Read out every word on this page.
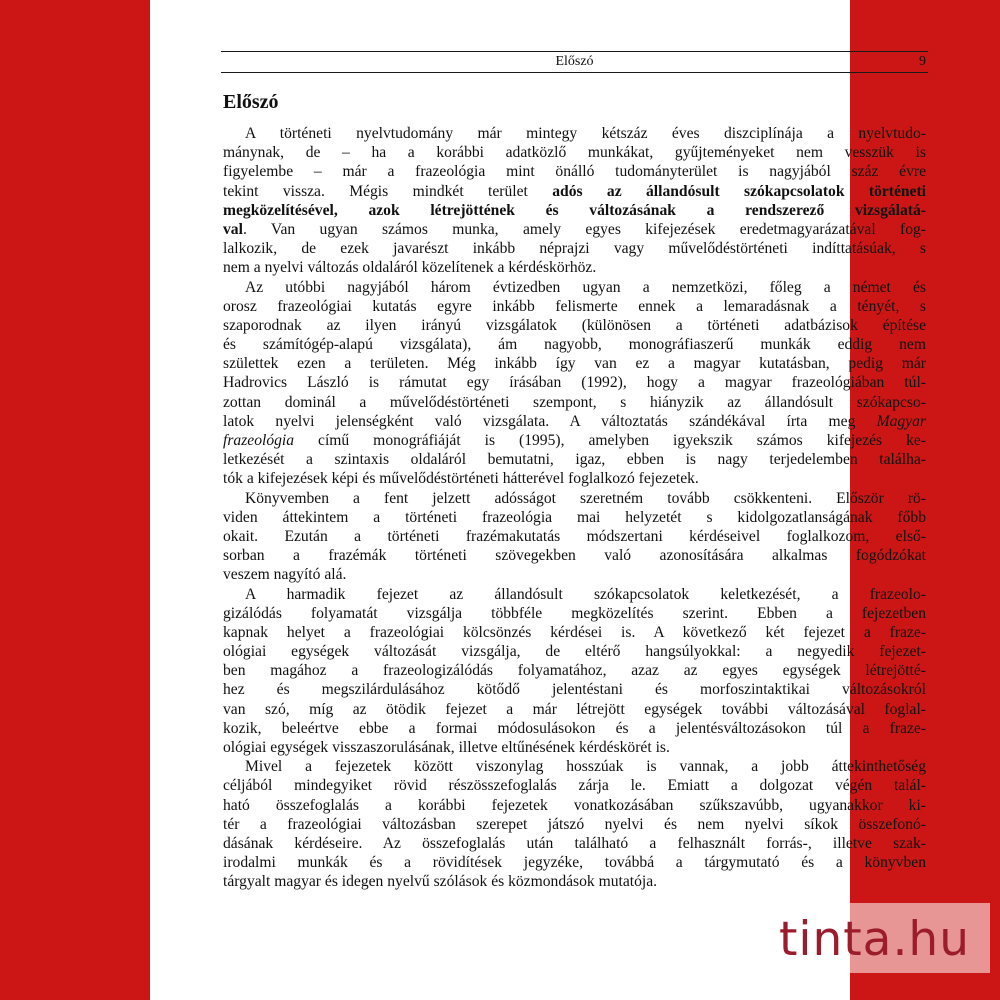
Előszó	9
Előszó

A történeti nyelvtudomány már mintegy kétszáz éves diszciplínája a nyelvtudo-
mánynak, de – ha a korábbi adatközlő munkákat, gyűjteményeket nem vesszük is
figyelembe – már a frazeológia mint önálló tudományterület is nagyjából száz évre
tekint vissza. Mégis mindkét terület adós az állandósult szókapcsolatok történeti
megközelítésével, azok létrejöttének és változásának a rendszerező vizsgálatá-
val. Van ugyan számos munka, amely egyes kifejezések eredetmagyarázatával fog-
lalkozik, de ezek javarészt inkább néprajzi vagy művelődéstörténeti indíttatásúak, s
nem a nyelvi változás oldaláról közelítenek a kérdéskörhöz.

Az utóbbi nagyjából három évtizedben ugyan a nemzetközi, főleg a német és
orosz frazeológiai kutatás egyre inkább felismerte ennek a lemaradásnak a tényét, s
szaporodnak az ilyen irányú vizsgálatok (különösen a történeti adatbázisok építése
és számítógép-alapú vizsgálata), ám nagyobb, monográfiaszerű munkák eddig nem
születtek ezen a területen. Még inkább így van ez a magyar kutatásban, pedig már
Hadrovics László is rámutat egy írásában (1992), hogy a magyar frazeológiában túl-
zottan dominál a művelődéstörténeti szempont, s hiányzik az állandósult szókapcso-
latok nyelvi jelenségként való vizsgálata. A változtatás szándékával írta meg Magyar
frazeológia című monográfiáját is (1995), amelyben igyekszik számos kifejezés ke-
letkezését a szintaxis oldaláról bemutatni, igaz, ebben is nagy terjedelemben találha-
tók a kifejezések képi és művelődéstörténeti hátterével foglalkozó fejezetek.

Könyvemben a fent jelzett adósságot szeretném tovább csökkenteni. Először rö-
viden áttekintem a történeti frazeológia mai helyzetét s kidolgozatlanságának főbb
okait. Ezután a történeti frazémakutatás módszertani kérdéseivel foglalkozom, első-
sorban a frazémák történeti szövegekben való azonosítására alkalmas fogódzókat
veszem nagyító alá.

A harmadik fejezet az állandósult szókapcsolatok keletkezését, a frazeolo-
gizálódás folyamatát vizsgálja többféle megközelítés szerint. Ebben a fejezetben
kapnak helyet a frazeológiai kölcsönzés kérdései is. A következő két fejezet a fraze-
ológiai egységek változását vizsgálja, de eltérő hangsúlyokkal: a negyedik fejezet-
ben magához a frazeologizálódás folyamatához, azaz az egyes egységek létrejötté-
hez és megszilárdulásához kötődő jelentéstani és morfoszintaktikai változásokról
van szó, míg az ötödik fejezet a már létrejött egységek további változásával foglal-
kozik, beleértve ebbe a formai módosulásokon és a jelentésváltozásokon túl a fraze-
ológiai egységek visszaszorulásának, illetve eltűnésének kérdéskörét is.

Mivel a fejezetek között viszonylag hosszúak is vannak, a jobb áttekinthetőség
céljából mindegyiket rövid részösszefoglalás zárja le. Emiatt a dolgozat végén talál-
ható összefoglalás a korábbi fejezetek vonatkozásában szűkszavúbb, ugyanakkor ki-
tér a frazeológiai változásban szerepet játszó nyelvi és nem nyelvi síkok összefonó-
dásának kérdéseire. Az összefoglalás után található a felhasznált forrás-, illetve szak-
irodalmi munkák és a rövidítések jegyzéke, továbbá a tárgymutató és a könyvben
tárgyalt magyar és idegen nyelvű szólások és közmondások mutatója.

tinta.hu
